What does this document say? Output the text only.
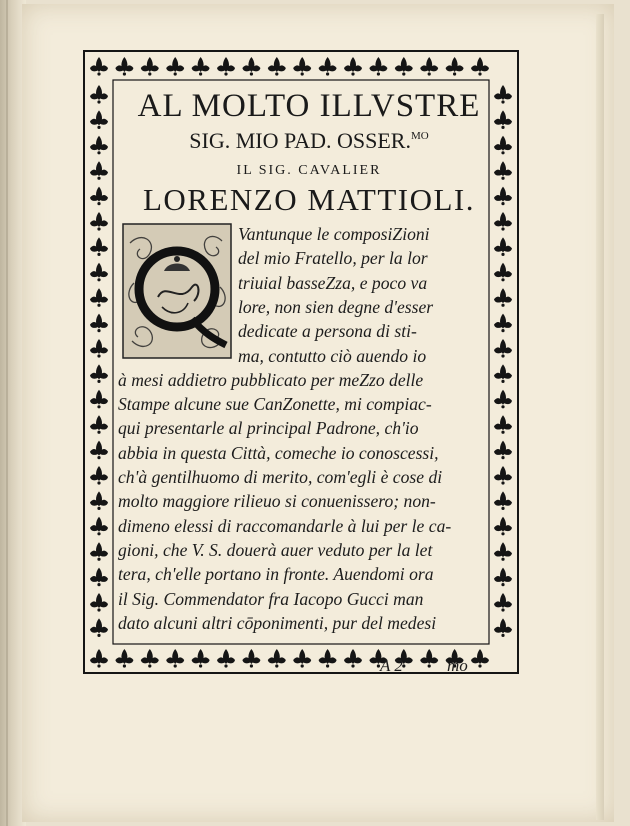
AL MOLTO ILLVSTRE
SIG. MIO PAD. OSSER.$^{MO}$
IL SIG. CAVALIER
LORENZO MATTIOLI.
Vantunque le composiZioni
del mio Fratello, per la lor
triuial basseZza, e poco va
lore, non sien degne d'esser
dedicate a persona di sti-
ma, contutto ciò auendo io
à mesi addietro pubblicato per meZzo delle
Stampe alcune sue CanZonette, mi compiac-
qui presentarle al principal Padrone, ch'io
abbia in questa Città, comeche io conoscessi,
ch'à gentilhuomo di merito, com'egli è cose di
molto maggiore rilieuo si conuenissero; non-
dimeno elessi di raccomandarle à lui per le ca-
gioni, che V. S. douerà auer veduto per la let
tera, ch'elle portano in fronte. Auendomi ora
il Sig. Commendator fra Iacopo Gucci man
dato alcuni altri cōponimenti, pur del medesi
A 2	mo
